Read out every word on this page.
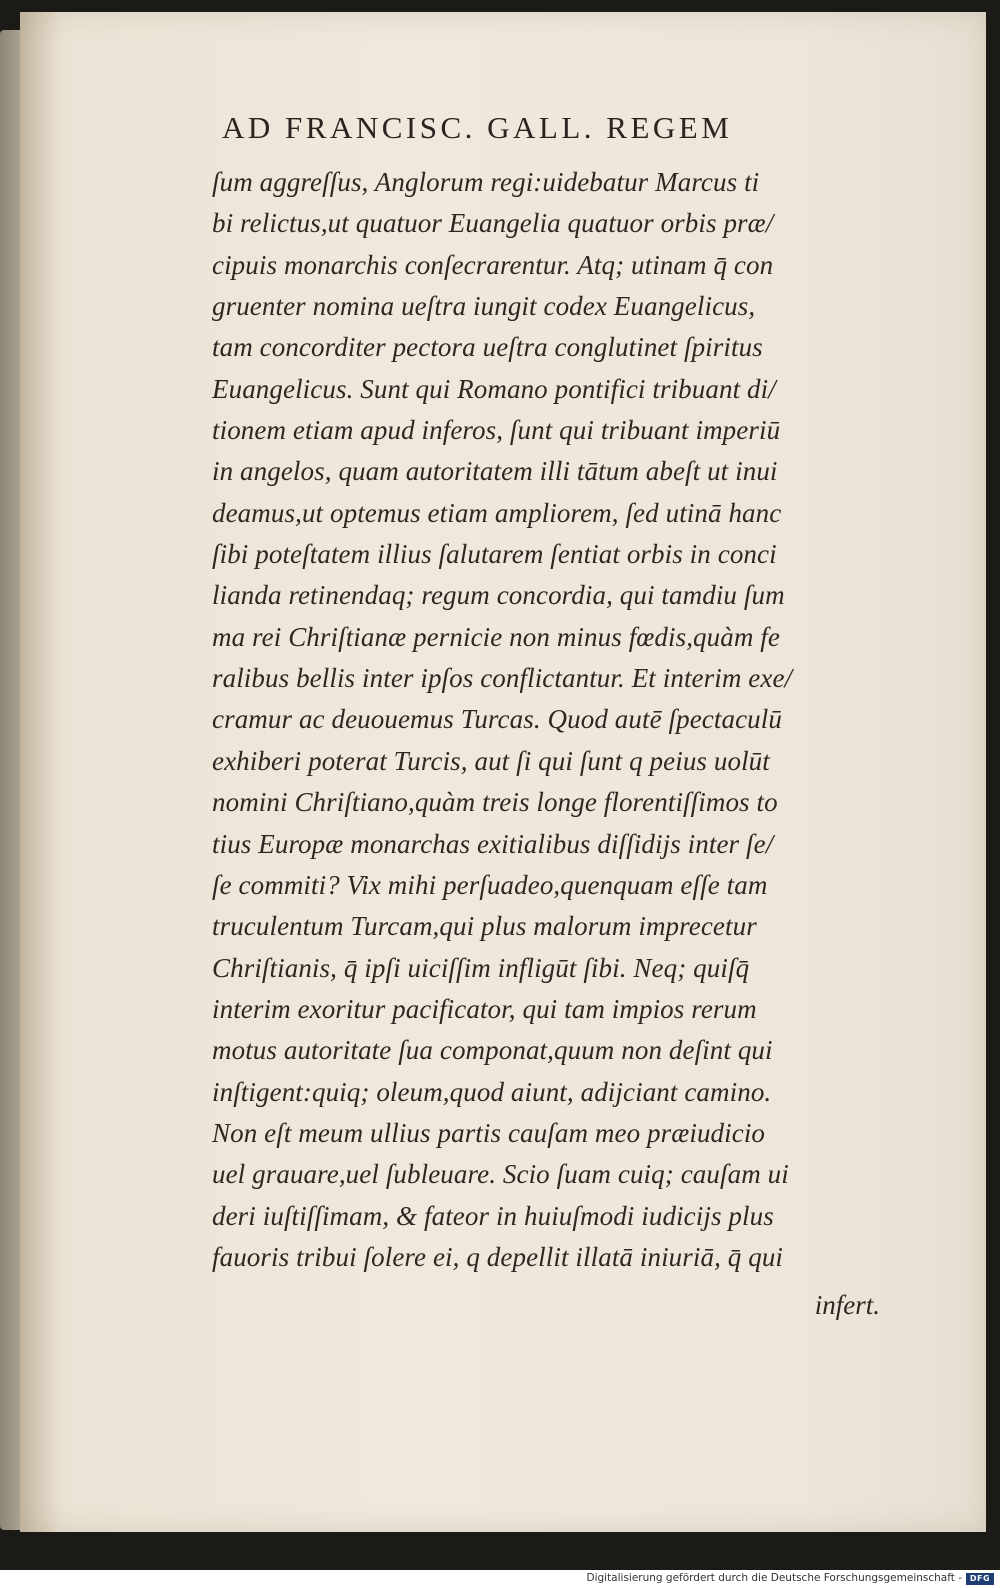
AD FRANCISC. GALL. REGEM
ſum aggreſſus, Anglorum regi:uidebatur Marcus ti
bi relictus,ut quatuor Euangelia quatuor orbis præ/
cipuis monarchis conſecrarentur. Atq; utinam q̄ con
gruenter nomina ueſtra iungit codex Euangelicus,
tam concorditer pectora ueſtra conglutinet ſpiritus
Euangelicus. Sunt qui Romano pontifici tribuant di/
tionem etiam apud inferos, ſunt qui tribuant imperiū
in angelos, quam autoritatem illi tātum abeſt ut inui
deamus,ut optemus etiam ampliorem, ſed utinā hanc
ſibi poteſtatem illius ſalutarem ſentiat orbis in conci
lianda retinendaq; regum concordia, qui tamdiu ſum
ma rei Chriſtianæ pernicie non minus fœdis,quàm fe
ralibus bellis inter ipſos conflictantur. Et interim exe/
cramur ac deuouemus Turcas. Quod autē ſpectaculū
exhiberi poterat Turcis, aut ſi qui ſunt q peius uolūt
nomini Chriſtiano,quàm treis longe florentiſſimos to
tius Europæ monarchas exitialibus diſſidijs inter ſe/
ſe commiti? Vix mihi perſuadeo,quenquam eſſe tam
truculentum Turcam,qui plus malorum imprecetur
Chriſtianis, q̄ ipſi uiciſſim infligūt ſibi. Neq; quiſq̄
interim exoritur pacificator, qui tam impios rerum
motus autoritate ſua componat,quum non deſint qui
inſtigent:quiq; oleum,quod aiunt, adijciant camino.
Non eſt meum ullius partis cauſam meo præiudicio
uel grauare,uel ſubleuare. Scio ſuam cuiq; cauſam ui
deri iuſtiſſimam, & fateor in huiuſmodi iudicijs plus
fauoris tribui ſolere ei, q depellit illatā iniuriā, q̄ qui
infert.
Digitalisierung gefördert durch die Deutsche Forschungsgemeinschaft - DFG
